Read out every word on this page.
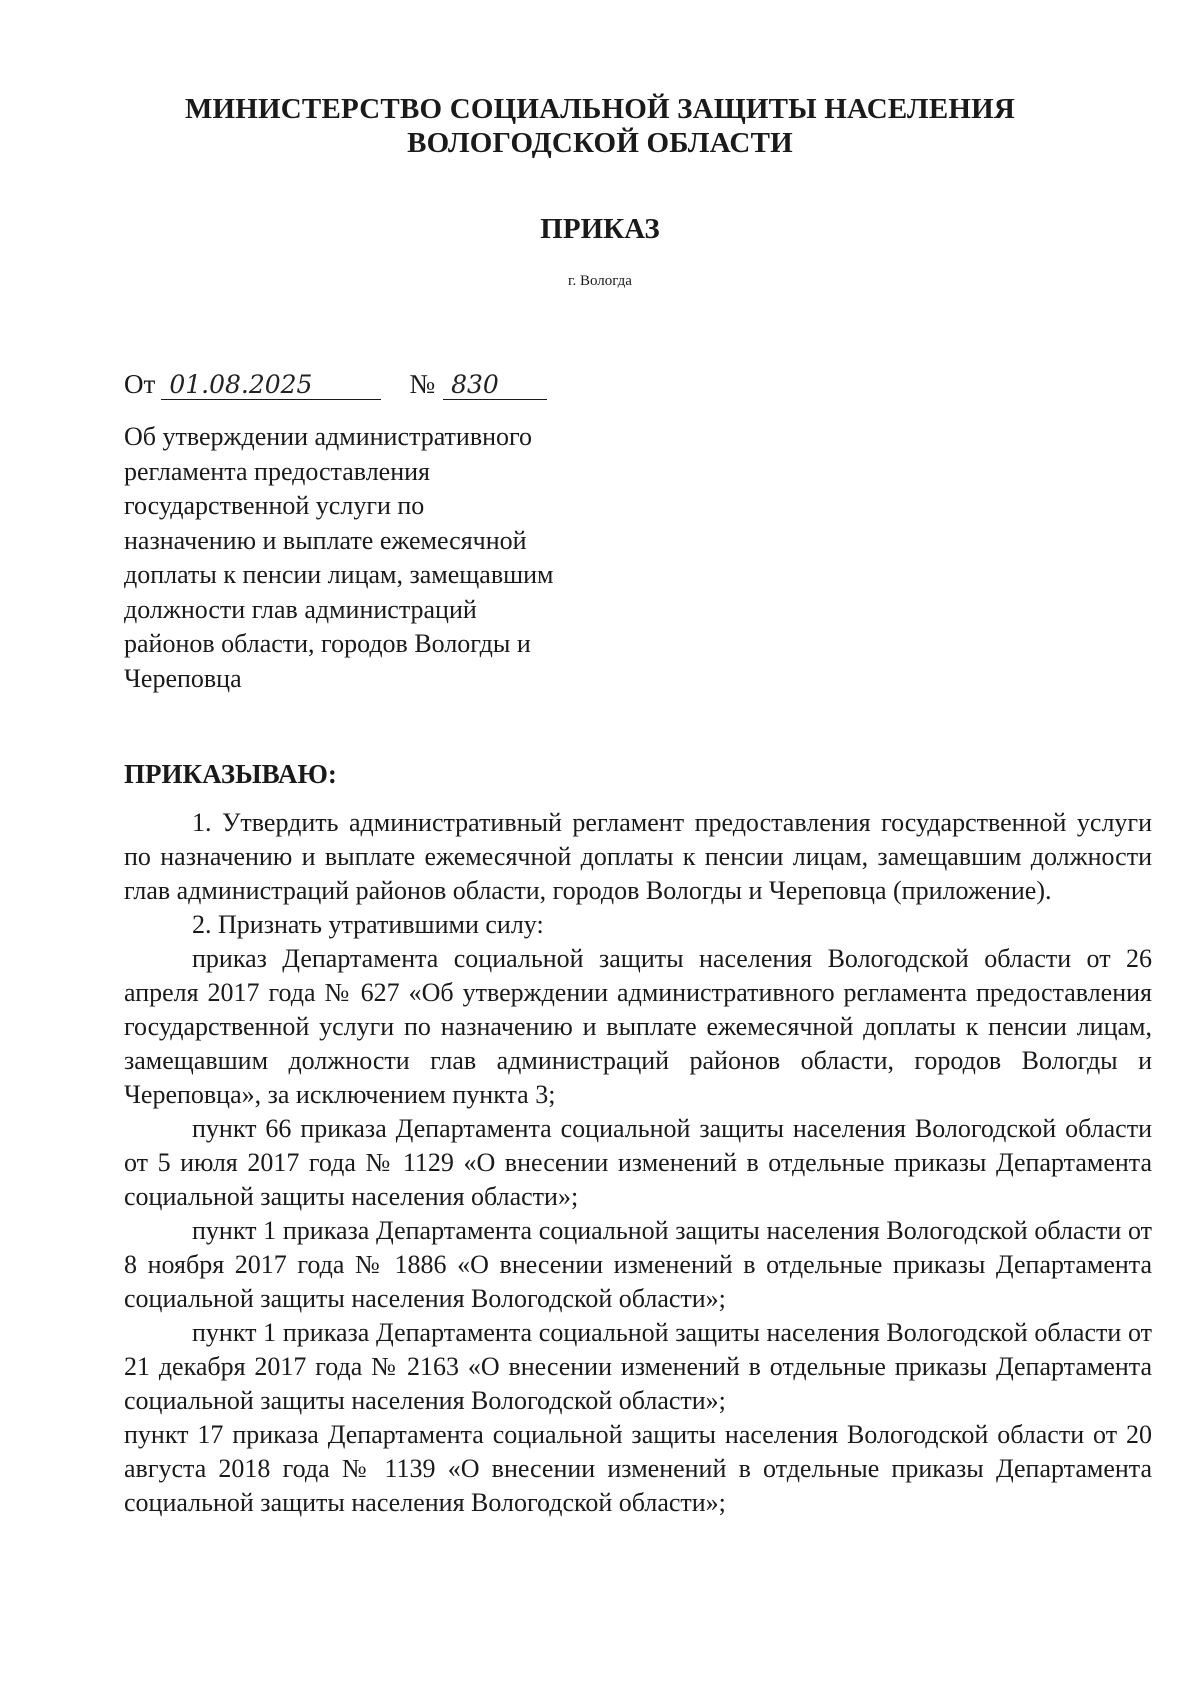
МИНИСТЕРСТВО СОЦИАЛЬНОЙ ЗАЩИТЫ НАСЕЛЕНИЯ
ВОЛОГОДСКОЙ ОБЛАСТИ
ПРИКАЗ
г. Вологда
От 01.08.2025	№ 830
Об утверждении административного
регламента предоставления
государственной услуги по
назначению и выплате ежемесячной
доплаты к пенсии лицам, замещавшим
должности глав администраций
районов области, городов Вологды и
Череповца
ПРИКАЗЫВАЮ:

1. Утвердить административный регламент предоставления государственной услуги по назначению и выплате ежемесячной доплаты к пенсии лицам, замещавшим должности глав администраций районов области, городов Вологды и Череповца (приложение).

2. Признать утратившими силу:

приказ Департамента социальной защиты населения Вологодской области от 26 апреля 2017 года № 627 «Об утверждении административного регламента предоставления государственной услуги по назначению и выплате ежемесячной доплаты к пенсии лицам, замещавшим должности глав администраций районов области, городов Вологды и Череповца», за исключением пункта 3;

пункт 66 приказа Департамента социальной защиты населения Вологодской области от 5 июля 2017 года № 1129 «О внесении изменений в отдельные приказы Департамента социальной защиты населения области»;

пункт 1 приказа Департамента социальной защиты населения Вологодской области от 8 ноября 2017 года № 1886 «О внесении изменений в отдельные приказы Департамента социальной защиты населения Вологодской области»;

пункт 1 приказа Департамента социальной защиты населения Вологодской области от 21 декабря 2017 года № 2163 «О внесении изменений в отдельные приказы Департамента социальной защиты населения Вологодской области»;

пункт 17 приказа Департамента социальной защиты населения Вологодской области от 20 августа 2018 года № 1139 «О внесении изменений в отдельные приказы Департамента социальной защиты населения Вологодской области»;
